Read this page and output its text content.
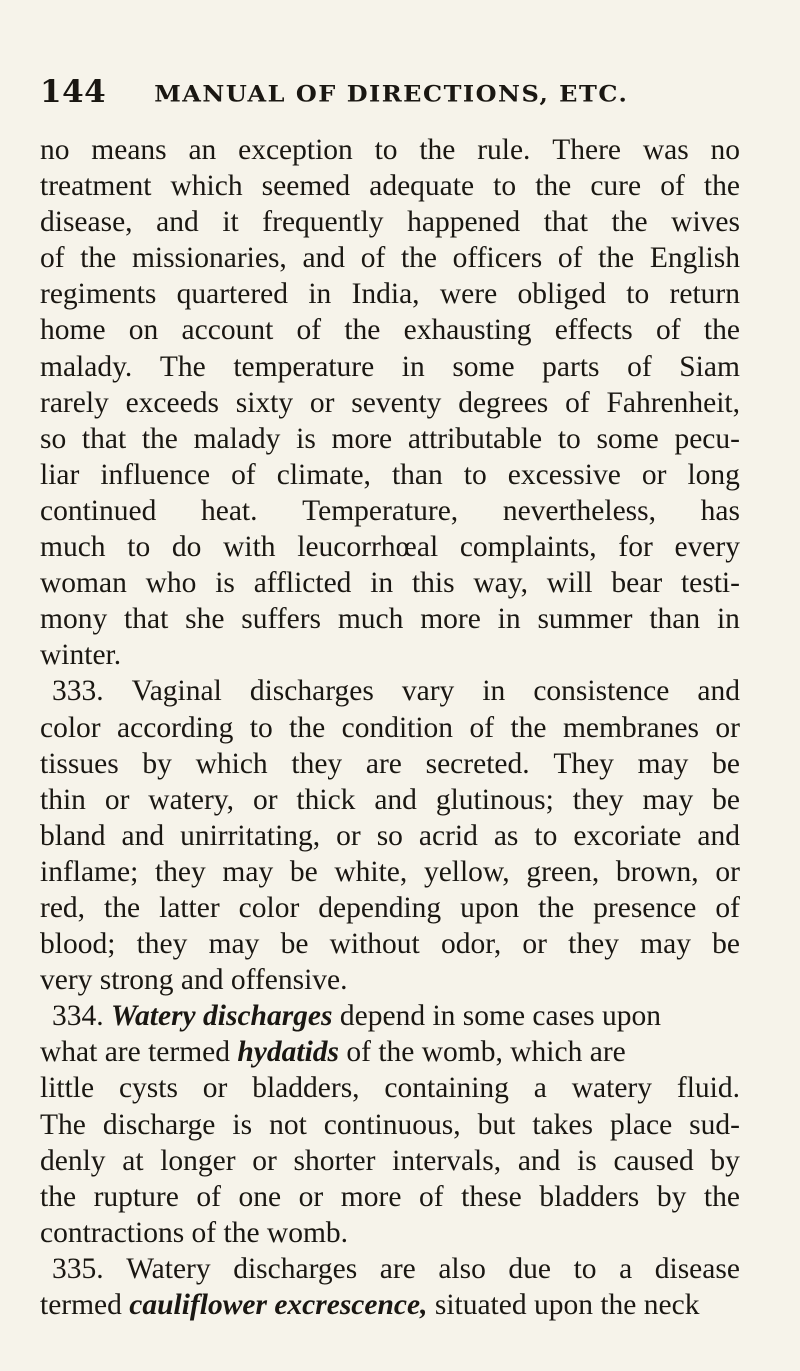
144 MANUAL OF DIRECTIONS, ETC.
no means an exception to the rule. There was no
treatment which seemed adequate to the cure of the
disease, and it frequently happened that the wives
of the missionaries, and of the officers of the English
regiments quartered in India, were obliged to return
home on account of the exhausting effects of the
malady. The temperature in some parts of Siam
rarely exceeds sixty or seventy degrees of Fahrenheit,
so that the malady is more attributable to some pecu-
liar influence of climate, than to excessive or long
continued heat. Temperature, nevertheless, has
much to do with leucorrhœal complaints, for every
woman who is afflicted in this way, will bear testi-
mony that she suffers much more in summer than in
winter.
333. Vaginal discharges vary in consistence and
color according to the condition of the membranes or
tissues by which they are secreted. They may be
thin or watery, or thick and glutinous; they may be
bland and unirritating, or so acrid as to excoriate and
inflame; they may be white, yellow, green, brown, or
red, the latter color depending upon the presence of
blood; they may be without odor, or they may be
very strong and offensive.
334. Watery discharges depend in some cases upon
what are termed hydatids of the womb, which are
little cysts or bladders, containing a watery fluid.
The discharge is not continuous, but takes place sud-
denly at longer or shorter intervals, and is caused by
the rupture of one or more of these bladders by the
contractions of the womb.
335. Watery discharges are also due to a disease
termed cauliflower excrescence, situated upon the neck
